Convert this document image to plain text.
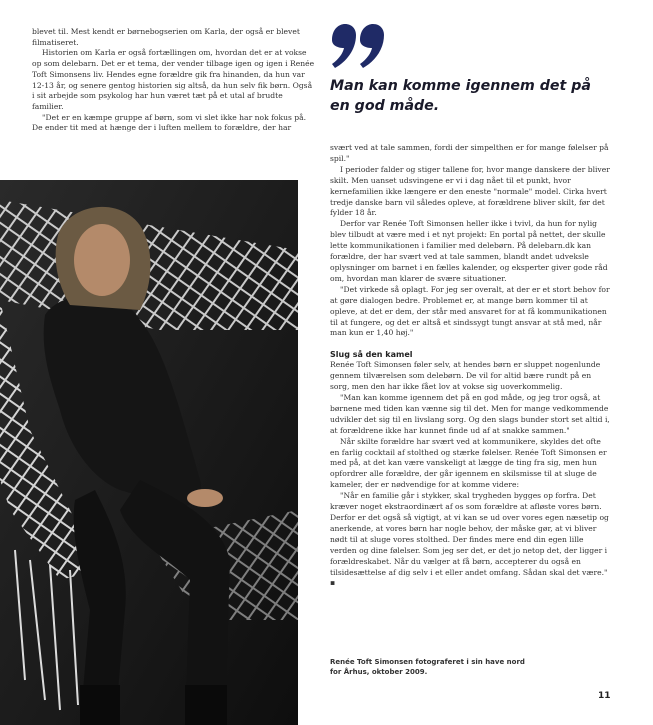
blevet til. Mest kendt er børnebogserien om Karla, der også er blevet filmatiseret.

Historien om Karla er også fortællingen om, hvordan det er at vokse op som delebarn. Det er et tema, der vender tilbage igen og igen i Renée Toft Simonsens liv. Hendes egne forældre gik fra hinanden, da hun var 12-13 år, og senere gentog historien sig altså, da hun selv fik børn. Også i sit arbejde som psykolog har hun været tæt på et utal af brudte familier.

"Det er en kæmpe gruppe af børn, som vi slet ikke har nok fokus på. De ender tit med at hænge der i luften mellem to forældre, der har

Man kan komme igennem det på en god måde.

svært ved at tale sammen, fordi der simpelthen er for mange følelser på spil."

I perioder falder og stiger tallene for, hvor mange danskere der bliver skilt. Men uanset udsvingene er vi i dag nået til et punkt, hvor kernefamilien ikke længere er den eneste "normale" model. Cirka hvert tredje danske barn vil således opleve, at forældrene bliver skilt, før det fylder 18 år.

Derfor var Renée Toft Simonsen heller ikke i tvivl, da hun for nylig blev tilbudt at være med i et nyt projekt: En portal på nettet, der skulle lette kommunikationen i familier med delebørn. På delebarn.dk kan forældre, der har svært ved at tale sammen, blandt andet udveksle oplysninger om barnet i en fælles kalender, og eksperter giver gode råd om, hvordan man klarer de svære situationer.

"Det virkede så oplagt. For jeg ser overalt, at der er et stort behov for at gøre dialogen bedre. Problemet er, at mange børn kommer til at opleve, at det er dem, der står med ansvaret for at få kommunikationen til at fungere, og det er altså et sindssygt tungt ansvar at stå med, når man kun er 1,40 høj."

Slug så den kamel

Renée Toft Simonsen føler selv, at hendes børn er sluppet nogenlunde gennem tilværelsen som delebørn. De vil for altid bære rundt på en sorg, men den har ikke fået lov at vokse sig uoverkommelig.

"Man kan komme igennem det på en god måde, og jeg tror også, at børnene med tiden kan vænne sig til det. Men for mange vedkommende udvikler det sig til en livslang sorg. Og den slags bunder stort set altid i, at forældrene ikke har kunnet finde ud af at snakke sammen."

Når skilte forældre har svært ved at kommunikere, skyldes det ofte en farlig cocktail af stolthed og stærke følelser. Renée Toft Simonsen er med på, at det kan være vanskeligt at lægge de ting fra sig, men hun opfordrer alle forældre, der går igennem en skilsmisse til at sluge de kameler, der er nødvendige for at komme videre:

"Når en familie går i stykker, skal trygheden bygges op forfra. Det kræver noget ekstraordinært af os som forældre at afløste vores børn. Derfor er det også så vigtigt, at vi kan se ud over vores egen næsetip og anerkende, at vores børn har nogle behov, der måske gør, at vi bliver nødt til at sluge vores stolthed. Der findes mere end din egen lille verden og dine følelser. Som jeg ser det, er det jo netop det, der ligger i forældreskabet. Når du vælger at få børn, accepterer du også en tilsidesættelse af dig selv i et eller andet omfang. Sådan skal det være." ▪

Renée Toft Simonsen fotograferet i sin have nord for Århus, oktober 2009.
11
